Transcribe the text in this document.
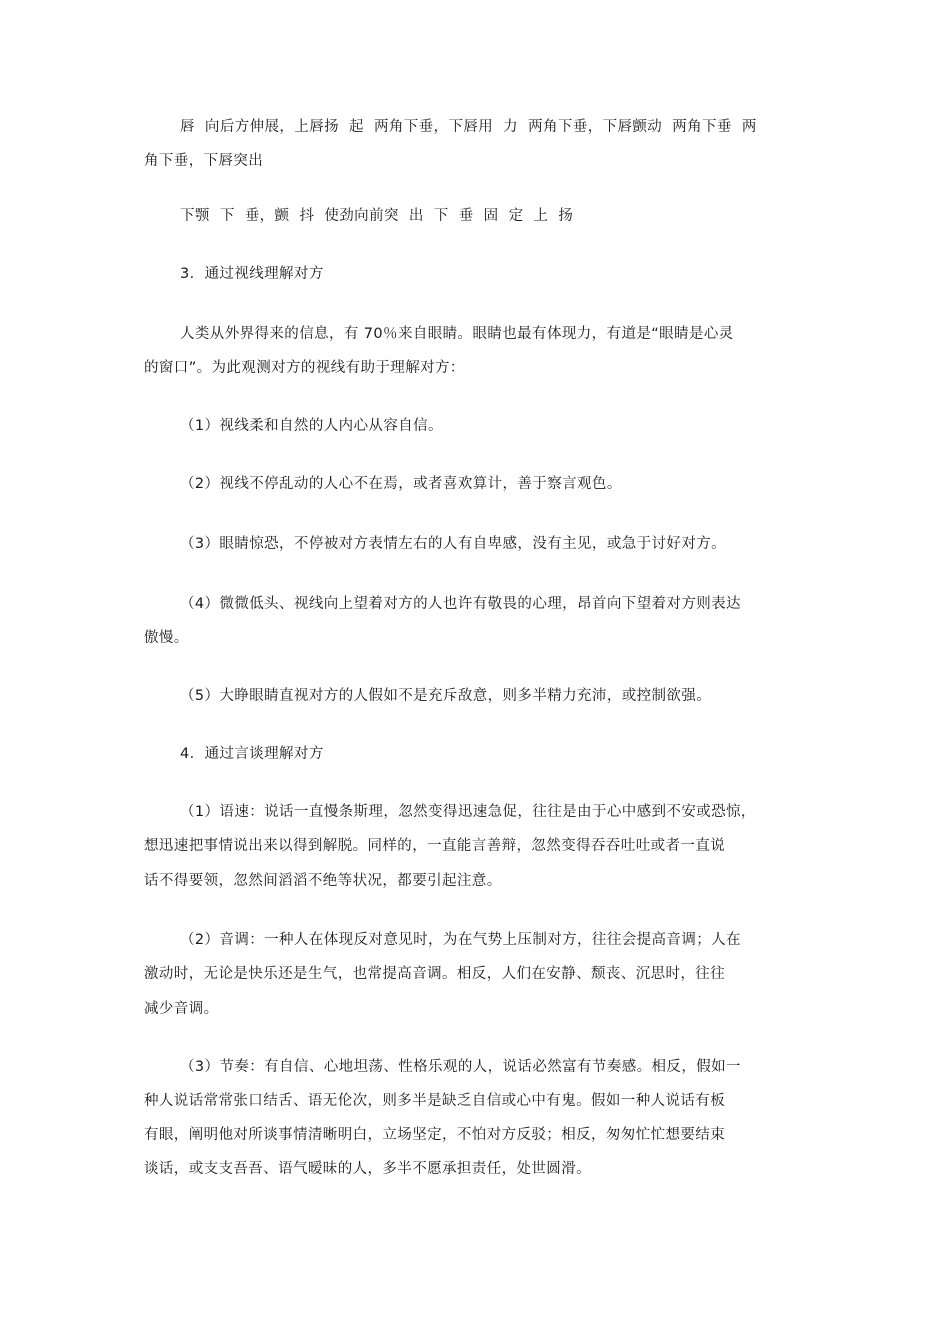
唇  向后方伸展，上唇扬  起  两角下垂，下唇用  力  两角下垂，下唇颤动  两角下垂  两
角下垂，下唇突出
下颚  下  垂，颤  抖  使劲向前突  出  下  垂  固  定  上  扬
3．通过视线理解对方
人类从外界得来的信息，有 70％来自眼睛。眼睛也最有体现力，有道是“眼睛是心灵
的窗口”。为此观测对方的视线有助于理解对方：
（1）视线柔和自然的人内心从容自信。
（2）视线不停乱动的人心不在焉，或者喜欢算计，善于察言观色。
（3）眼睛惊恐，不停被对方表情左右的人有自卑感，没有主见，或急于讨好对方。
（4）微微低头、视线向上望着对方的人也许有敬畏的心理，昂首向下望着对方则表达
傲慢。
（5）大睁眼睛直视对方的人假如不是充斥敌意，则多半精力充沛，或控制欲强。
4．通过言谈理解对方
（1）语速：说话一直慢条斯理，忽然变得迅速急促，往往是由于心中感到不安或恐惊，
想迅速把事情说出来以得到解脱。同样的，一直能言善辩，忽然变得吞吞吐吐或者一直说
话不得要领，忽然间滔滔不绝等状况，都要引起注意。
（2）音调：一种人在体现反对意见时，为在气势上压制对方，往往会提高音调；人在
激动时，无论是快乐还是生气，也常提高音调。相反，人们在安静、颓丧、沉思时，往往
减少音调。
（3）节奏：有自信、心地坦荡、性格乐观的人，说话必然富有节奏感。相反，假如一
种人说话常常张口结舌、语无伦次，则多半是缺乏自信或心中有鬼。假如一种人说话有板
有眼，阐明他对所谈事情清晰明白，立场坚定，不怕对方反驳；相反，匆匆忙忙想要结束
谈话，或支支吾吾、语气暧昧的人，多半不愿承担责任，处世圆滑。
